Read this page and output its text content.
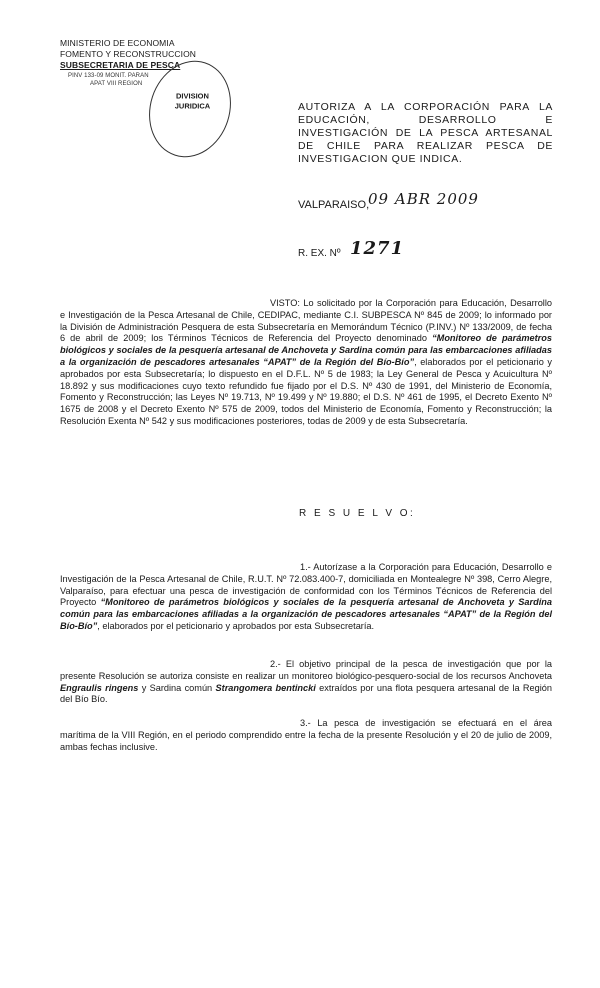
MINISTERIO DE ECONOMIA
FOMENTO Y RECONSTRUCCION
SUBSECRETARIA DE PESCA
PINV 133-09 MONIT. PARAN
APAT VIII REGION
DIVISION
JURIDICA	AUTORIZA A LA CORPORACIÓN PARA LA EDUCACIÓN, DESARROLLO E INVESTIGACIÓN DE LA PESCA ARTESANAL DE CHILE PARA REALIZAR PESCA DE INVESTIGACION QUE INDICA.
VALPARAISO,
09 ABR 2009
R. EX. Nº 1271
VISTO: Lo solicitado por la Corporación para Educación, Desarrollo e Investigación de la Pesca Artesanal de Chile, CEDIPAC, mediante C.I. SUBPESCA Nº 845 de 2009; lo informado por la División de Administración Pesquera de esta Subsecretaría en Memorándum Técnico (P.INV.) Nº 133/2009, de fecha 6 de abril de 2009; los Términos Técnicos de Referencia del Proyecto denominado “Monitoreo de parámetros biológicos y sociales de la pesquería artesanal de Anchoveta y Sardina común para las embarcaciones afiliadas a la organización de pescadores artesanales “APAT” de la Región del Bío-Bío”, elaborados por el peticionario y aprobados por esta Subsecretaría; lo dispuesto en el D.F.L. Nº 5 de 1983; la Ley General de Pesca y Acuicultura Nº 18.892 y sus modificaciones cuyo texto refundido fue fijado por el D.S. Nº 430 de 1991, del Ministerio de Economía, Fomento y Reconstrucción; las Leyes Nº 19.713, Nº 19.499 y Nº 19.880; el D.S. Nº 461 de 1995, el Decreto Exento Nº 1675 de 2008 y el Decreto Exento Nº 575 de 2009, todos del Ministerio de Economía, Fomento y Reconstrucción; la Resolución Exenta Nº 542 y sus modificaciones posteriores, todas de 2009 y de esta Subsecretaría.
R E S U E L V O:
1.- Autorízase a la Corporación para Educación, Desarrollo e Investigación de la Pesca Artesanal de Chile, R.U.T. Nº 72.083.400-7, domiciliada en Montealegre Nº 398, Cerro Alegre, Valparaíso, para efectuar una pesca de investigación de conformidad con los Términos Técnicos de Referencia del Proyecto “Monitoreo de parámetros biológicos y sociales de la pesquería artesanal de Anchoveta y Sardina común para las embarcaciones afiliadas a la organización de pescadores artesanales “APAT” de la Región del Bío-Bío”, elaborados por el peticionario y aprobados por esta Subsecretaría.
2.- El objetivo principal de la pesca de investigación que por la presente Resolución se autoriza consiste en realizar un monitoreo biológico-pesquero-social de los recursos Anchoveta Engraulis ringens y Sardina común Strangomera bentincki extraídos por una flota pesquera artesanal de la Región del Bío Bío.
3.- La pesca de investigación se efectuará en el área marítima de la VIII Región, en el periodo comprendido entre la fecha de la presente Resolución y el 20 de julio de 2009, ambas fechas inclusive.
